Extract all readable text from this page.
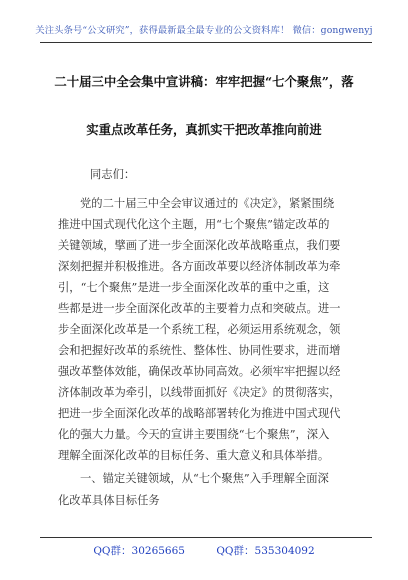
关注头条号“公文研究”，获得最新最全最专业的公文资料库！ 微信：gongwenyj
二十届三中全会集中宣讲稿：牢牢把握“七个聚焦”，落
实重点改革任务，真抓实干把改革推向前进
同志们：
党的二十届三中全会审议通过的《决定》，紧紧围绕
推进中国式现代化这个主题，用“七个聚焦”锚定改革的
关键领域，擘画了进一步全面深化改革战略重点，我们要
深刻把握并积极推进。各方面改革要以经济体制改革为牵
引，“七个聚焦”是进一步全面深化改革的重中之重，这
些都是进一步全面深化改革的主要着力点和突破点。进一
步全面深化改革是一个系统工程，必须运用系统观念，领
会和把握好改革的系统性、整体性、协同性要求，进而增
强改革整体效能，确保改革协同高效。必须牢牢把握以经
济体制改革为牵引，以线带面抓好《决定》的贯彻落实，
把进一步全面深化改革的战略部署转化为推进中国式现代
化的强大力量。今天的宣讲主要围绕“七个聚焦”，深入
理解全面深化改革的目标任务、重大意义和具体举措。
一、锚定关键领域，从“七个聚焦”入手理解全面深
化改革具体目标任务
QQ群：30265665	QQ群：535304092
